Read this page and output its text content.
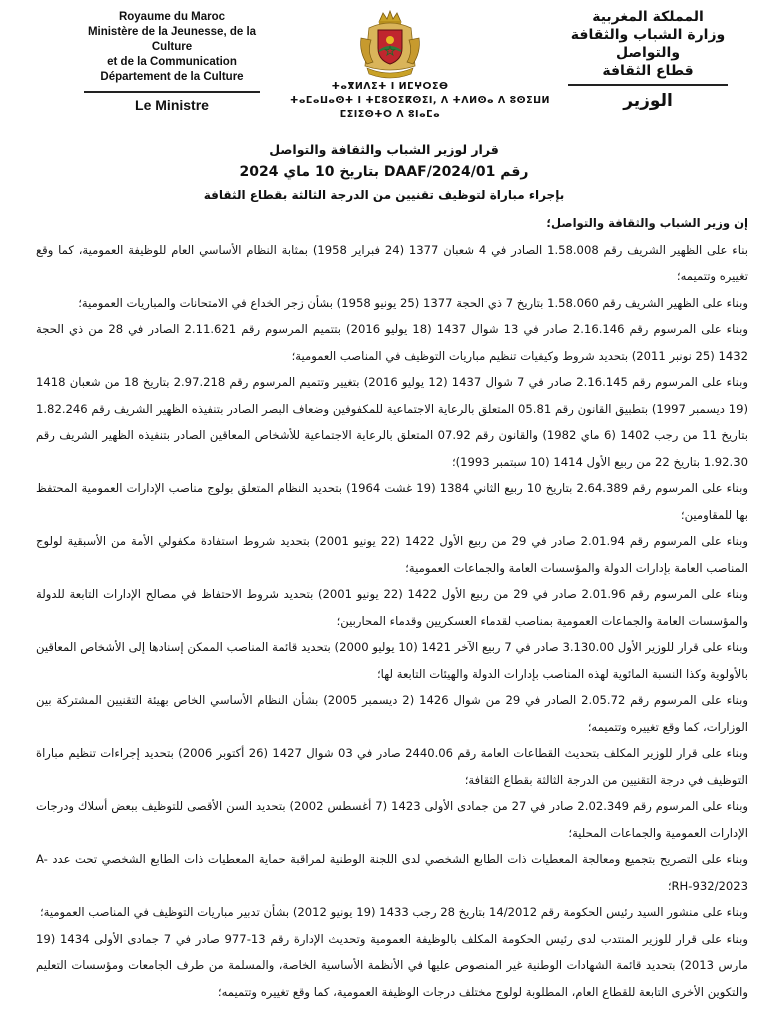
Royaume du Maroc
Ministère de la Jeunesse, de la Culture
et de la Communication
Département de la Culture
Le Ministre
ⵜⴰⴳⵍⴷⵉⵜ ⵏ ⵍⵎⵖⵔⵉⴱ
ⵜⴰⵎⴰⵡⴰⵙⵜ ⵏ ⵜⵎⵓⵔⵉⴽⵙⵉⵏ, ⴷ ⵜⴷⵍⵙⴰ ⴷ ⵓⵙⵉⵡⵍ
ⵎⵉⵏⵉⵙⵜⵔ ⴷ ⵓⵏⴰⵎⴰ
المملكة المغربية
وزارة الشباب والثقافة
والتواصل
قطاع الثقافة
الوزير
قرار لوزير الشباب والثقافة والتواصل
رقم 01/DAAF/2024 بتاريخ 10 ماي 2024
بإجراء مباراة لتوظيف تقنيين من الدرجة الثالثة بقطاع الثقافة

إن وزير الشباب والثقافة والتواصل؛

بناء على الظهير الشريف رقم 1.58.008 الصادر في 4 شعبان 1377 (24 فبراير 1958) بمثابة النظام الأساسي العام للوظيفة العمومية، كما وقع تغييره وتتميمه؛

وبناء على الظهير الشريف رقم 1.58.060 بتاريخ 7 ذي الحجة 1377 (25 يونيو 1958) بشأن زجر الخداع في الامتحانات والمباريات العمومية؛

وبناء على المرسوم رقم 2.16.146 صادر في 13 شوال 1437 (18 يوليو 2016) بتتميم المرسوم رقم 2.11.621 الصادر في 28 من ذي الحجة 1432 (25 نونبر 2011) بتحديد شروط وكيفيات تنظيم مباريات التوظيف في المناصب العمومية؛

وبناء على المرسوم رقم 2.16.145 صادر في 7 شوال 1437 (12 يوليو 2016) بتغيير وتتميم المرسوم رقم 2.97.218 بتاريخ 18 من شعبان 1418 (19 ديسمبر 1997) بتطبيق القانون رقم 05.81 المتعلق بالرعاية الاجتماعية للمكفوفين وضعاف البصر الصادر بتنفيذه الظهير الشريف رقم 1.82.246 بتاريخ 11 من رجب 1402 (6 ماي 1982) والقانون رقم 07.92 المتعلق بالرعاية الاجتماعية للأشخاص المعاقين الصادر بتنفيذه الظهير الشريف رقم 1.92.30 بتاريخ 22 من ربيع الأول 1414 (10 سبتمبر 1993)؛

وبناء على المرسوم رقم 2.64.389 بتاريخ 10 ربيع الثاني 1384 (19 غشت 1964) بتحديد النظام المتعلق بولوج مناصب الإدارات العمومية المحتفظ بها للمقاومين؛

وبناء على المرسوم رقم 2.01.94 صادر في 29 من ربيع الأول 1422 (22 يونيو 2001) بتحديد شروط استفادة مكفولي الأمة من الأسبقية لولوج المناصب العامة بإدارات الدولة والمؤسسات العامة والجماعات العمومية؛

وبناء على المرسوم رقم 2.01.96 صادر في 29 من ربيع الأول 1422 (22 يونيو 2001) بتحديد شروط الاحتفاظ في مصالح الإدارات التابعة للدولة والمؤسسات العامة والجماعات العمومية بمناصب لقدماء العسكريين وقدماء المحاربين؛

وبناء على قرار للوزير الأول 3.130.00 صادر في 7 ربيع الآخر 1421 (10 يوليو 2000) بتحديد قائمة المناصب الممكن إسنادها إلى الأشخاص المعاقين بالأولوية وكذا النسبة المائوية لهذه المناصب بإدارات الدولة والهيئات التابعة لها؛

وبناء على المرسوم رقم 2.05.72 الصادر في 29 من شوال 1426 (2 ديسمبر 2005) بشأن النظام الأساسي الخاص بهيئة التقنيين المشتركة بين الوزارات، كما وقع تغييره وتتميمه؛

وبناء على قرار للوزير المكلف بتحديث القطاعات العامة رقم 2440.06 صادر في 03 شوال 1427 (26 أكتوبر 2006) بتحديد إجراءات تنظيم مباراة التوظيف في درجة التقنيين من الدرجة الثالثة بقطاع الثقافة؛

وبناء على المرسوم رقم 2.02.349 صادر في 27 من جمادى الأولى 1423 (7 أغسطس 2002) بتحديد السن الأقصى للتوظيف ببعض أسلاك ودرجات الإدارات العمومية والجماعات المحلية؛

وبناء على التصريح بتجميع ومعالجة المعطيات ذات الطابع الشخصي لدى اللجنة الوطنية لمراقبة حماية المعطيات ذات الطابع الشخصي تحت عدد A-RH-932/2023؛

وبناء على منشور السيد رئيس الحكومة رقم 14/2012 بتاريخ 28 رجب 1433 (19 يونيو 2012) بشأن تدبير مباريات التوظيف في المناصب العمومية؛

وبناء على قرار للوزير المنتدب لدى رئيس الحكومة المكلف بالوظيفة العمومية وتحديث الإدارة رقم 13-977 صادر في 7 جمادى الأولى 1434 (19 مارس 2013) بتحديد قائمة الشهادات الوطنية غير المنصوص عليها في الأنظمة الأساسية الخاصة، والمسلمة من طرف الجامعات ومؤسسات التعليم والتكوين الأخرى التابعة للقطاع العام، المطلوبة لولوج مختلف درجات الوظيفة العمومية، كما وقع تغييره وتتميمه؛
